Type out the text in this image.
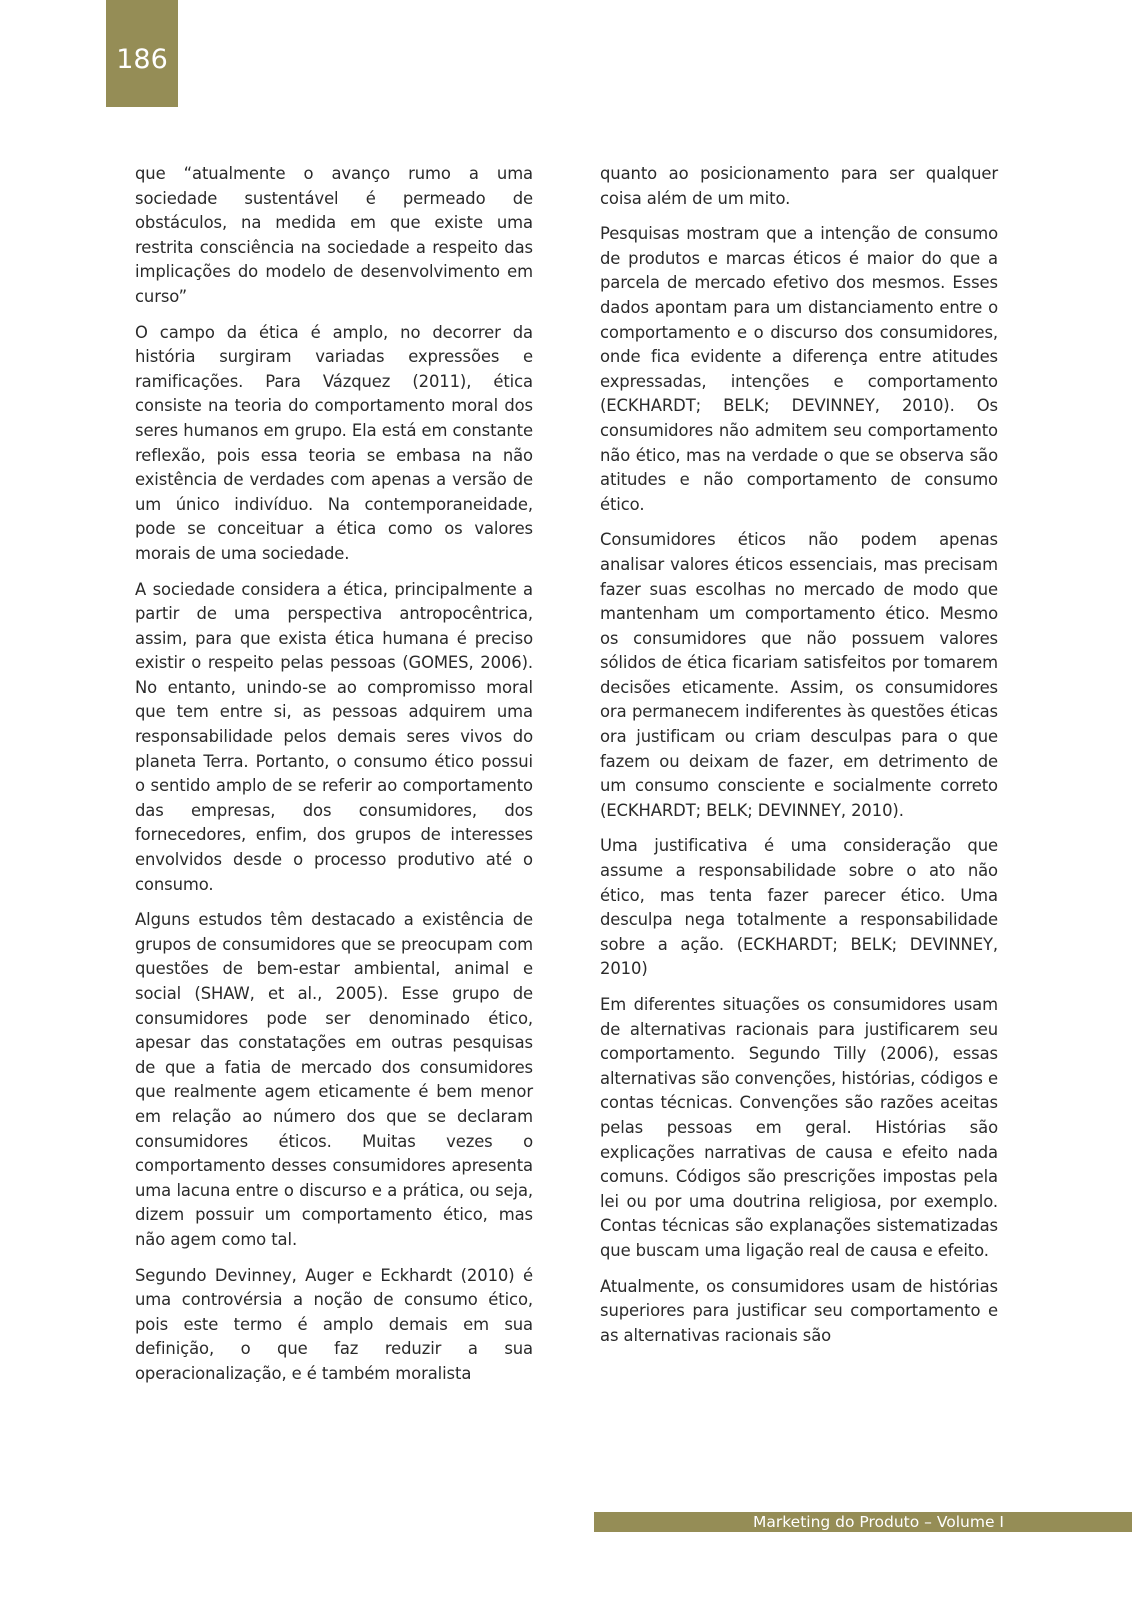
186

que “atualmente o avanço rumo a uma sociedade sustentável é permeado de obstáculos, na medida em que existe uma restrita consciência na sociedade a respeito das implicações do modelo de desenvolvimento em curso”

O campo da ética é amplo, no decorrer da história surgiram variadas expressões e ramificações. Para Vázquez (2011), ética consiste na teoria do comportamento moral dos seres humanos em grupo. Ela está em constante reflexão, pois essa teoria se embasa na não existência de verdades com apenas a versão de um único indivíduo. Na contemporaneidade, pode se conceituar a ética como os valores morais de uma sociedade.

A sociedade considera a ética, principalmente a partir de uma perspectiva antropocêntrica, assim, para que exista ética humana é preciso existir o respeito pelas pessoas (GOMES, 2006). No entanto, unindo-se ao compromisso moral que tem entre si, as pessoas adquirem uma responsabilidade pelos demais seres vivos do planeta Terra. Portanto, o consumo ético possui o sentido amplo de se referir ao comportamento das empresas, dos consumidores, dos fornecedores, enfim, dos grupos de interesses envolvidos desde o processo produtivo até o consumo.

Alguns estudos têm destacado a existência de grupos de consumidores que se preocupam com questões de bem-estar ambiental, animal e social (SHAW, et al., 2005). Esse grupo de consumidores pode ser denominado ético, apesar das constatações em outras pesquisas de que a fatia de mercado dos consumidores que realmente agem eticamente é bem menor em relação ao número dos que se declaram consumidores éticos. Muitas vezes o comportamento desses consumidores apresenta uma lacuna entre o discurso e a prática, ou seja, dizem possuir um comportamento ético, mas não agem como tal.

Segundo Devinney, Auger e Eckhardt (2010) é uma controvérsia a noção de consumo ético, pois este termo é amplo demais em sua definição, o que faz reduzir a sua operacionalização, e é também moralista

quanto ao posicionamento para ser qualquer coisa além de um mito.

Pesquisas mostram que a intenção de consumo de produtos e marcas éticos é maior do que a parcela de mercado efetivo dos mesmos. Esses dados apontam para um distanciamento entre o comportamento e o discurso dos consumidores, onde fica evidente a diferença entre atitudes expressadas, intenções e comportamento (ECKHARDT; BELK; DEVINNEY, 2010). Os consumidores não admitem seu comportamento não ético, mas na verdade o que se observa são atitudes e não comportamento de consumo ético.

Consumidores éticos não podem apenas analisar valores éticos essenciais, mas precisam fazer suas escolhas no mercado de modo que mantenham um comportamento ético. Mesmo os consumidores que não possuem valores sólidos de ética ficariam satisfeitos por tomarem decisões eticamente. Assim, os consumidores ora permanecem indiferentes às questões éticas ora justificam ou criam desculpas para o que fazem ou deixam de fazer, em detrimento de um consumo consciente e socialmente correto (ECKHARDT; BELK; DEVINNEY, 2010).

Uma justificativa é uma consideração que assume a responsabilidade sobre o ato não ético, mas tenta fazer parecer ético. Uma desculpa nega totalmente a responsabilidade sobre a ação. (ECKHARDT; BELK; DEVINNEY, 2010)

Em diferentes situações os consumidores usam de alternativas racionais para justificarem seu comportamento. Segundo Tilly (2006), essas alternativas são convenções, histórias, códigos e contas técnicas. Convenções são razões aceitas pelas pessoas em geral. Histórias são explicações narrativas de causa e efeito nada comuns. Códigos são prescrições impostas pela lei ou por uma doutrina religiosa, por exemplo. Contas técnicas são explanações sistematizadas que buscam uma ligação real de causa e efeito.

Atualmente, os consumidores usam de histórias superiores para justificar seu comportamento e as alternativas racionais são

Marketing do Produto – Volume I
